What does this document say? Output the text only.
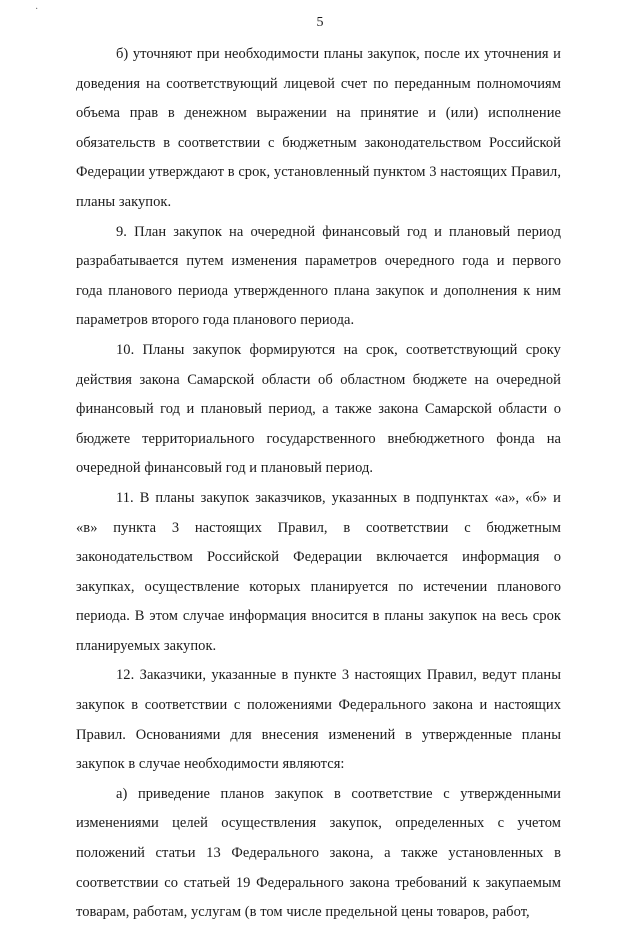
·
5

б) уточняют при необходимости планы закупок, после их уточнения и доведения на соответствующий лицевой счет по переданным полномочиям объема прав в денежном выражении на принятие и (или) исполнение обязательств в соответствии с бюджетным законодательством Российской Федерации утверждают в срок, установленный пунктом 3 настоящих Правил, планы закупок.

9. План закупок на очередной финансовый год и плановый период разрабатывается путем изменения параметров очередного года и первого года планового периода утвержденного плана закупок и дополнения к ним параметров второго года планового периода.

10. Планы закупок формируются на срок, соответствующий сроку действия закона Самарской области об областном бюджете на очередной финансовый год и плановый период, а также закона Самарской области о бюджете территориального государственного внебюджетного фонда на очередной финансовый год и плановый период.

11. В планы закупок заказчиков, указанных в подпунктах «а», «б» и «в» пункта 3 настоящих Правил, в соответствии с бюджетным законодательством Российской Федерации включается информация о закупках, осуществление которых планируется по истечении планового периода. В этом случае информация вносится в планы закупок на весь срок планируемых закупок.

12. Заказчики, указанные в пункте 3 настоящих Правил, ведут планы закупок в соответствии с положениями Федерального закона и настоящих Правил. Основаниями для внесения изменений в утвержденные планы закупок в случае необходимости являются:

а) приведение планов закупок в соответствие с утвержденными изменениями целей осуществления закупок, определенных с учетом положений статьи 13 Федерального закона, а также установленных в соответствии со статьей 19 Федерального закона требований к закупаемым товарам, работам, услугам (в том числе предельной цены товаров, работ,
